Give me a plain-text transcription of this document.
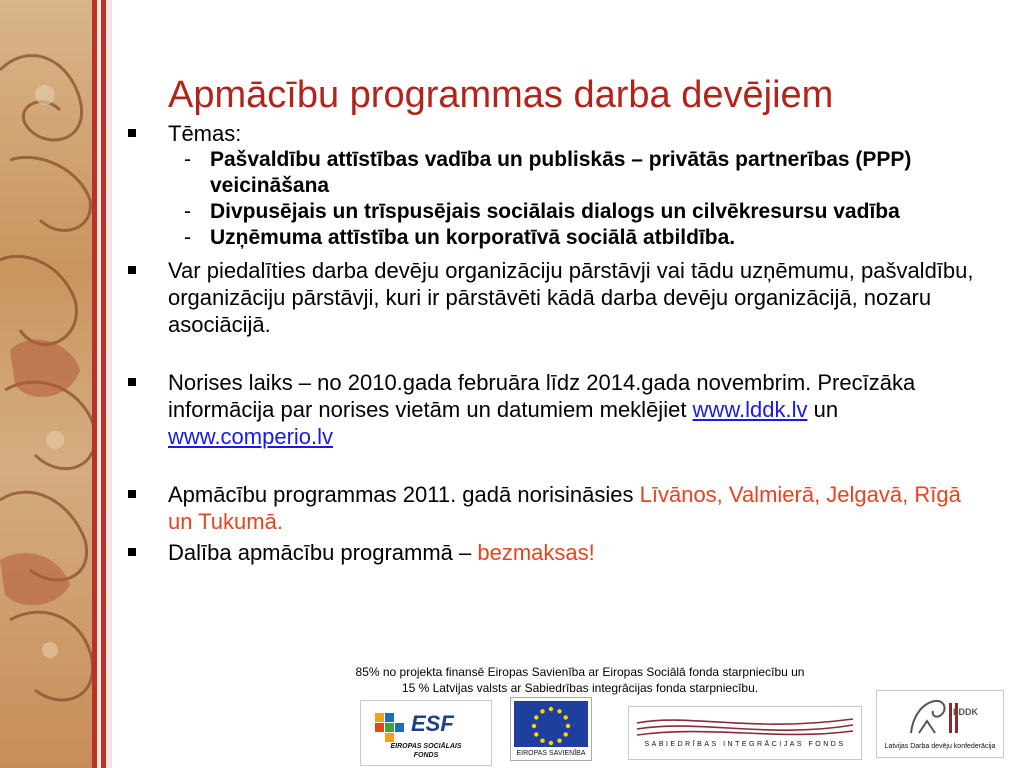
Apmācību programmas darba devējiem
Tēmas:
- Pašvaldību attīstības vadība un publiskās – privātās partnerības (PPP) veicināšana
- Divpusējais un trīspusējais sociālais dialogs un cilvēkresursu vadība
- Uzņēmuma attīstība un korporatīvā sociālā atbildība.
Var piedalīties darba devēju organizāciju pārstāvji vai tādu uzņēmumu, pašvaldību, organizāciju pārstāvji, kuri ir pārstāvēti kādā darba devēju organizācijā, nozaru asociācijā.
Norises laiks – no 2010.gada februāra līdz 2014.gada novembrim. Precīzāka informācija par norises vietām un datumiem meklējiet www.lddk.lv un www.comperio.lv
Apmācību programmas 2011. gadā norisināsies Līvānos, Valmierā, Jelgavā, Rīgā un Tukumā.
Dalība apmācību programmā – bezmaksas!
85% no projekta finansē Eiropas Savienība ar Eiropas Sociālā fonda starpniecību un
15 % Latvijas valsts ar Sabiedrības integrācijas fonda starpniecību.
ESF
EIROPAS SOCIĀLAIS
FONDS	EIROPAS SAVIENĪBA
SABIEDRĪBAS INTEGRĀCIJAS FONDS
LDDK
Latvijas Darba devēju konfederācija
